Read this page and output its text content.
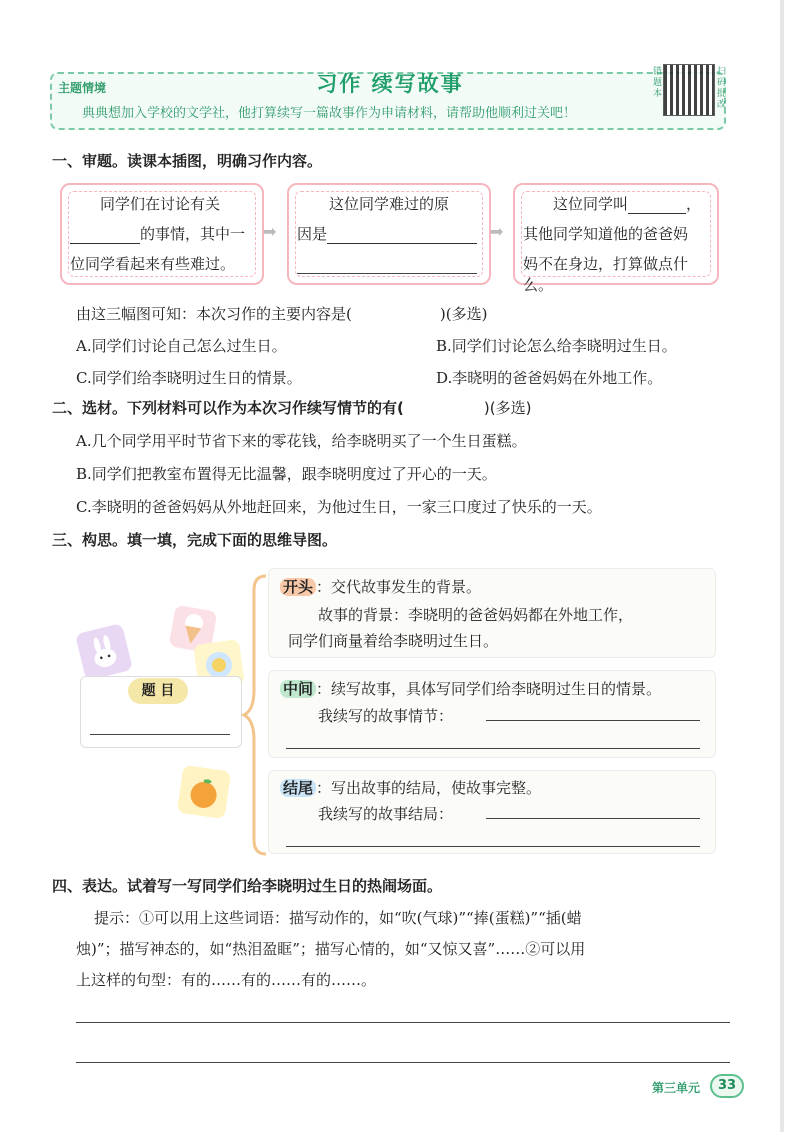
主题情境	习作 续写故事
典典想加入学校的文学社，他打算续写一篇故事作为申请材料，请帮助他顺利过关吧！
错题本
扫码批改
一、审题。读课本插图，明确习作内容。
同学们在讨论有关
的事情，其中一
位同学看起来有些难过。
➡
这位同学难过的原
因是	➡
这位同学叫	，
其他同学知道他的爸爸妈
妈不在身边，打算做点什么。
由这三幅图可知：本次习作的主要内容是(	)(多选)
A.同学们讨论自己怎么过生日。	B.同学们讨论怎么给李晓明过生日。
C.同学们给李晓明过生日的情景。	D.李晓明的爸爸妈妈在外地工作。
二、选材。下列材料可以作为本次习作续写情节的有(	)(多选)
A.几个同学用平时节省下来的零花钱，给李晓明买了一个生日蛋糕。
B.同学们把教室布置得无比温馨，跟李晓明度过了开心的一天。
C.李晓明的爸爸妈妈从外地赶回来，为他过生日，一家三口度过了快乐的一天。
三、构思。填一填，完成下面的思维导图。
题 目
开头 ：交代故事发生的背景。
故事的背景：李晓明的爸爸妈妈都在外地工作，
同学们商量着给李晓明过生日。
中间 ：续写故事，具体写同学们给李晓明过生日的情景。
我续写的故事情节：
结尾 ：写出故事的结局，使故事完整。
我续写的故事结局：
四、表达。试着写一写同学们给李晓明过生日的热闹场面。
提示：①可以用上这些词语：描写动作的，如“吹(气球)”“捧(蛋糕)”“插(蜡
烛)”；描写神态的，如“热泪盈眶”；描写心情的，如“又惊又喜”……②可以用
上这样的句型：有的……有的……有的……。
第三单元	33
